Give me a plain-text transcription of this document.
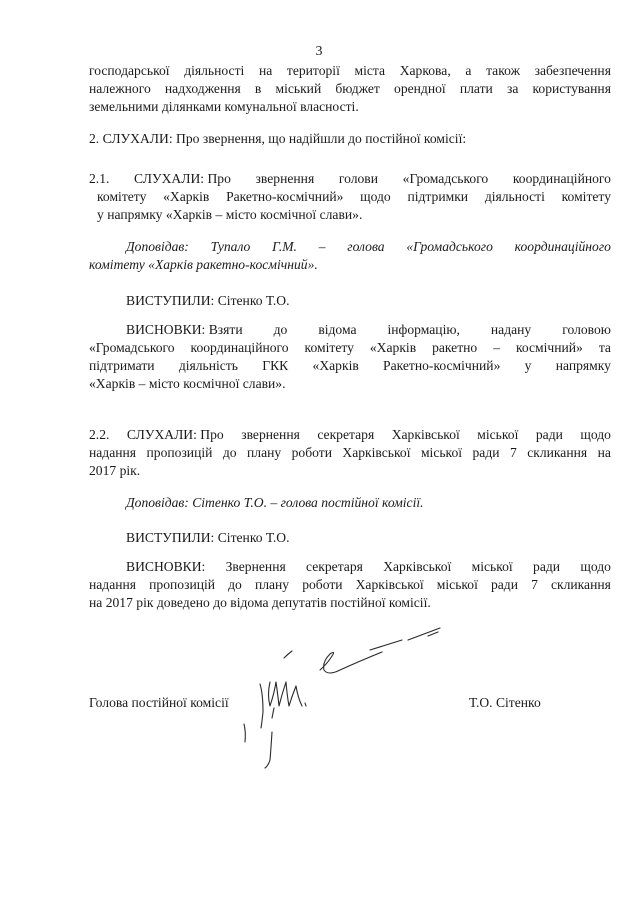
3
господарської діяльності на території міста Харкова, а також забезпечення
належного надходження в міський бюджет орендної плати за користування
земельними ділянками комунальної власності.
2. СЛУХАЛИ: Про звернення, що надійшли до постійної комісії:
2.1. СЛУХАЛИ: Про звернення голови «Громадського координаційного
комітету «Харків Ракетно-космічний» щодо підтримки діяльності комітету
у напрямку «Харків – місто космічної слави».
Доповідав: Тупало Г.М. – голова «Громадського координаційного
комітету «Харків ракетно-космічний».
ВИСТУПИЛИ: Сітенко Т.О.
ВИСНОВКИ: Взяти до відома інформацію, надану головою
«Громадського координаційного комітету «Харків ракетно – космічний» та
підтримати діяльність ГКК «Харків Ракетно-космічний» у напрямку
«Харків – місто космічної слави».
2.2. СЛУХАЛИ: Про звернення секретаря Харківської міської ради щодо
надання пропозицій до плану роботи Харківської міської ради 7 скликання на
2017 рік.
Доповідав: Сітенко Т.О. – голова постійної комісії.
ВИСТУПИЛИ: Сітенко Т.О.
ВИСНОВКИ: Звернення секретаря Харківської міської ради щодо
надання пропозицій до плану роботи Харківської міської ради 7 скликання
на 2017 рік доведено до відома депутатів постійної комісії.
Голова постійної комісії	Т.О. Сітенко
